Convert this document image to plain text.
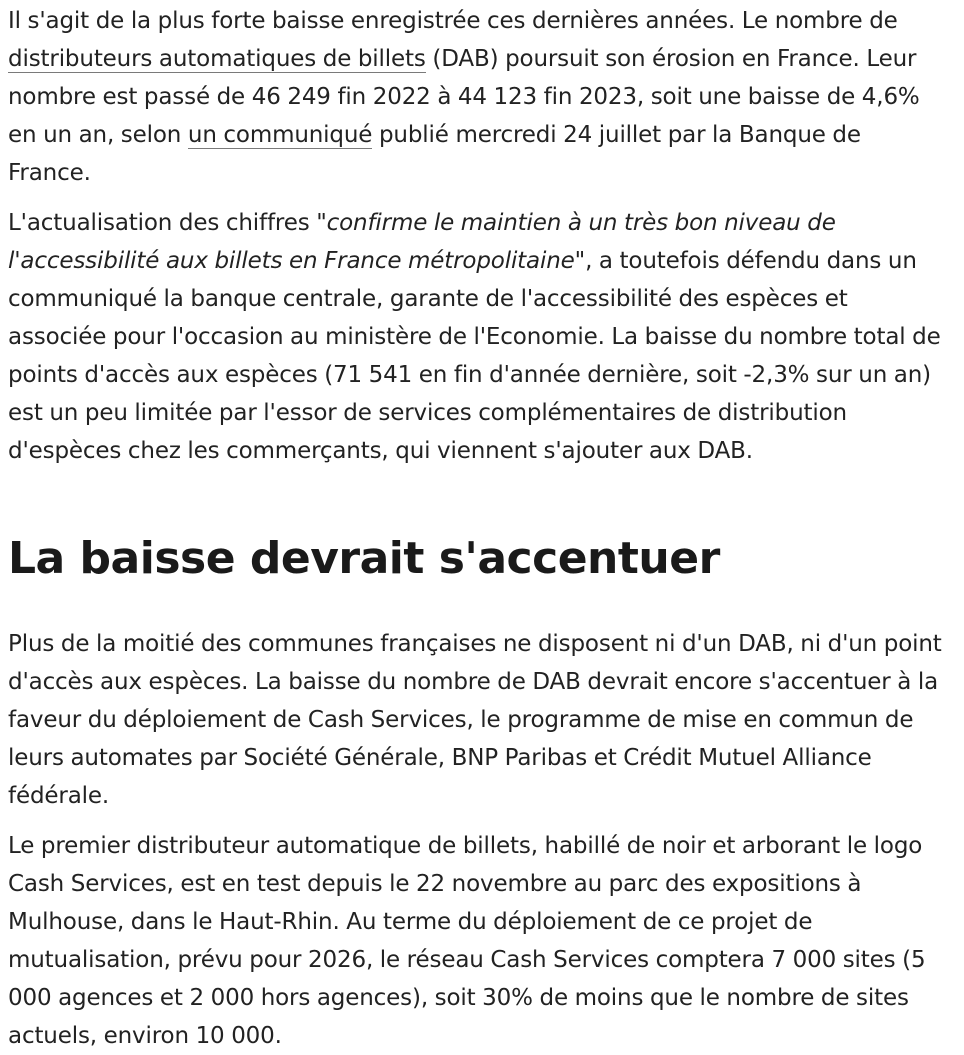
Il s'agit de la plus forte baisse enregistrée ces dernières années. Le nombre de distributeurs automatiques de billets (DAB) poursuit son érosion en France. Leur nombre est passé de 46 249 fin 2022 à 44 123 fin 2023, soit une baisse de 4,6% en un an, selon un communiqué publié mercredi 24 juillet par la Banque de France.

L'actualisation des chiffres "confirme le maintien à un très bon niveau de l'accessibilité aux billets en France métropolitaine", a toutefois défendu dans un communiqué la banque centrale, garante de l'accessibilité des espèces et associée pour l'occasion au ministère de l'Economie. La baisse du nombre total de points d'accès aux espèces (71 541 en fin d'année dernière, soit -2,3% sur un an) est un peu limitée par l'essor de services complémentaires de distribution d'espèces chez les commerçants, qui viennent s'ajouter aux DAB.

La baisse devrait s'accentuer

Plus de la moitié des communes françaises ne disposent ni d'un DAB, ni d'un point d'accès aux espèces. La baisse du nombre de DAB devrait encore s'accentuer à la faveur du déploiement de Cash Services, le programme de mise en commun de leurs automates par Société Générale, BNP Paribas et Crédit Mutuel Alliance fédérale.

Le premier distributeur automatique de billets, habillé de noir et arborant le logo Cash Services, est en test depuis le 22 novembre au parc des expositions à Mulhouse, dans le Haut-Rhin. Au terme du déploiement de ce projet de mutualisation, prévu pour 2026, le réseau Cash Services comptera 7 000 sites (5 000 agences et 2 000 hors agences), soit 30% de moins que le nombre de sites actuels, environ 10 000.
